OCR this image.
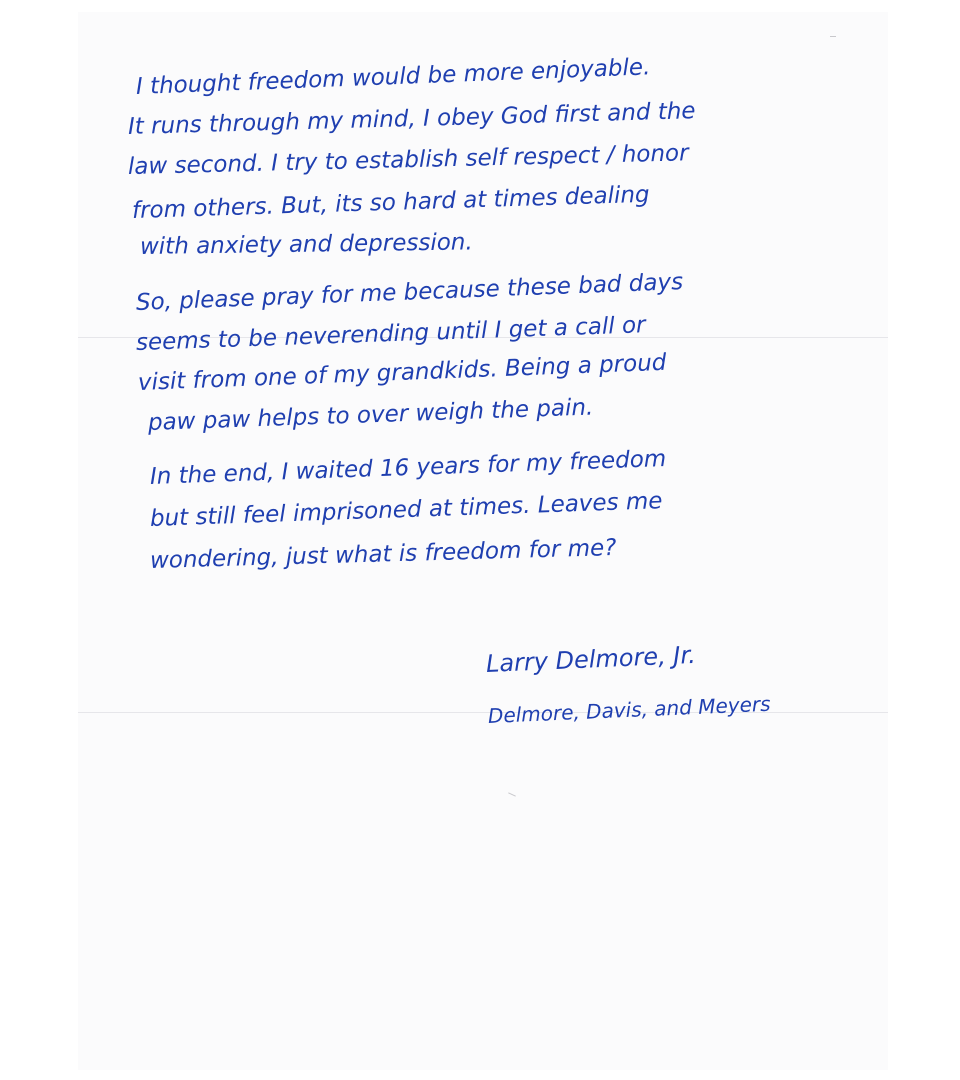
I thought freedom would be more enjoyable.
It runs through my mind, I obey God first and the
law second. I try to establish self respect / honor
from others. But, its so hard at times dealing
with anxiety and depression.
So, please pray for me because these bad days
seems to be neverending until I get a call or
visit from one of my grandkids. Being a proud
paw paw helps to over weigh the pain.
In the end, I waited 16 years for my freedom
but still feel imprisoned at times. Leaves me
wondering, just what is freedom for me?
Larry Delmore, Jr.
Delmore, Davis, and Meyers
